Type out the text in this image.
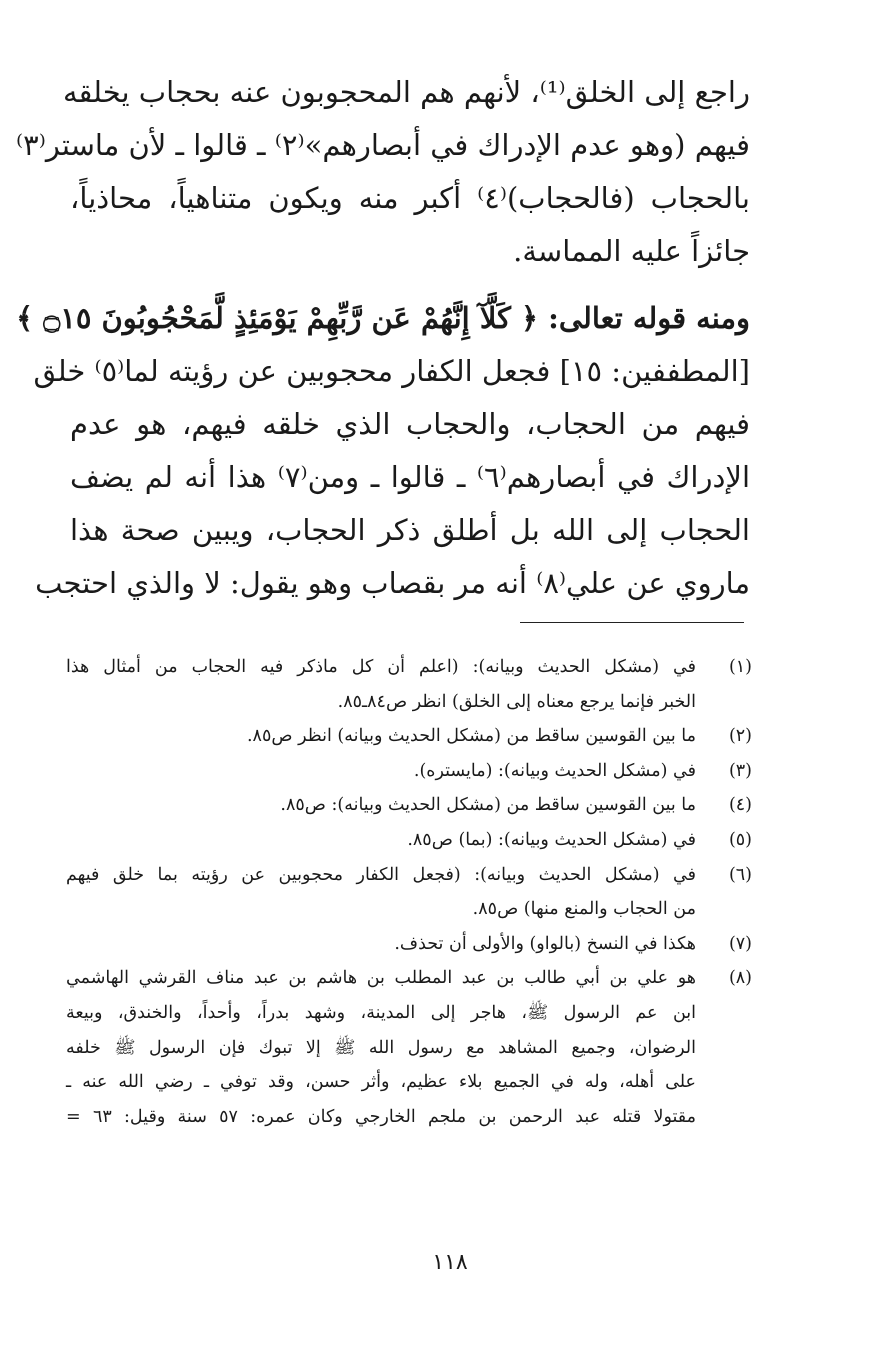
راجع إلى الخلق⁽¹⁾، لأنهم هم المحجوبون عنه بحجاب يخلقه
فيهم (وهو عدم الإدراك في أبصارهم»⁽٢⁾ ـ قالوا ـ لأن ماستر⁽٣⁾
بالحجاب (فالحجاب)⁽٤⁾ أكبر منه ويكون متناهياً، محاذياً،
جائزاً عليه المماسة.
ومنه قوله تعالى: ﴿ كَلَّآ إِنَّهُمْ عَن رَّبِّهِمْ يَوْمَئِذٍ لَّمَحْجُوبُونَ ۝١٥ ﴾
[المطففين: ١٥] فجعل الكفار محجوبين عن رؤيته لما⁽٥⁾ خلق
فيهم من الحجاب، والحجاب الذي خلقه فيهم، هو عدم
الإدراك في أبصارهم⁽٦⁾ ـ قالوا ـ ومن⁽٧⁾ هذا أنه لم يضف
الحجاب إلى الله بل أطلق ذكر الحجاب، ويبين صحة هذا
ماروي عن علي⁽٨⁾ أنه مر بقصاب وهو يقول: لا والذي احتجب
(١)
في (مشكل الحديث وبيانه): (اعلم أن كل ماذكر فيه الحجاب من أمثال هذا
الخبر فإنما يرجع معناه إلى الخلق) انظر ص٨٤ـ٨٥.
(٢)
ما بين القوسين ساقط من (مشكل الحديث وبيانه) انظر ص٨٥.
(٣)
في (مشكل الحديث وبيانه): (مايستره).
(٤)
ما بين القوسين ساقط من (مشكل الحديث وبيانه): ص٨٥.
(٥)
في (مشكل الحديث وبيانه): (بما) ص٨٥.
(٦)
في (مشكل الحديث وبيانه): (فجعل الكفار محجوبين عن رؤيته بما خلق فيهم
من الحجاب والمنع منها) ص٨٥.
(٧)
هكذا في النسخ (بالواو) والأولى أن تحذف.
(٨)
هو علي بن أبي طالب بن عبد المطلب بن هاشم بن عبد مناف القرشي الهاشمي
ابن عم الرسول ﷺ، هاجر إلى المدينة، وشهد بدراً، وأحداً، والخندق، وبيعة
الرضوان، وجميع المشاهد مع رسول الله ﷺ إلا تبوك فإن الرسول ﷺ خلفه
على أهله، وله في الجميع بلاء عظيم، وأثر حسن، وقد توفي ـ رضي الله عنه ـ
مقتولا قتله عبد الرحمن بن ملجم الخارجي وكان عمره: ٥٧ سنة وقيل: ٦٣ =
١١٨
